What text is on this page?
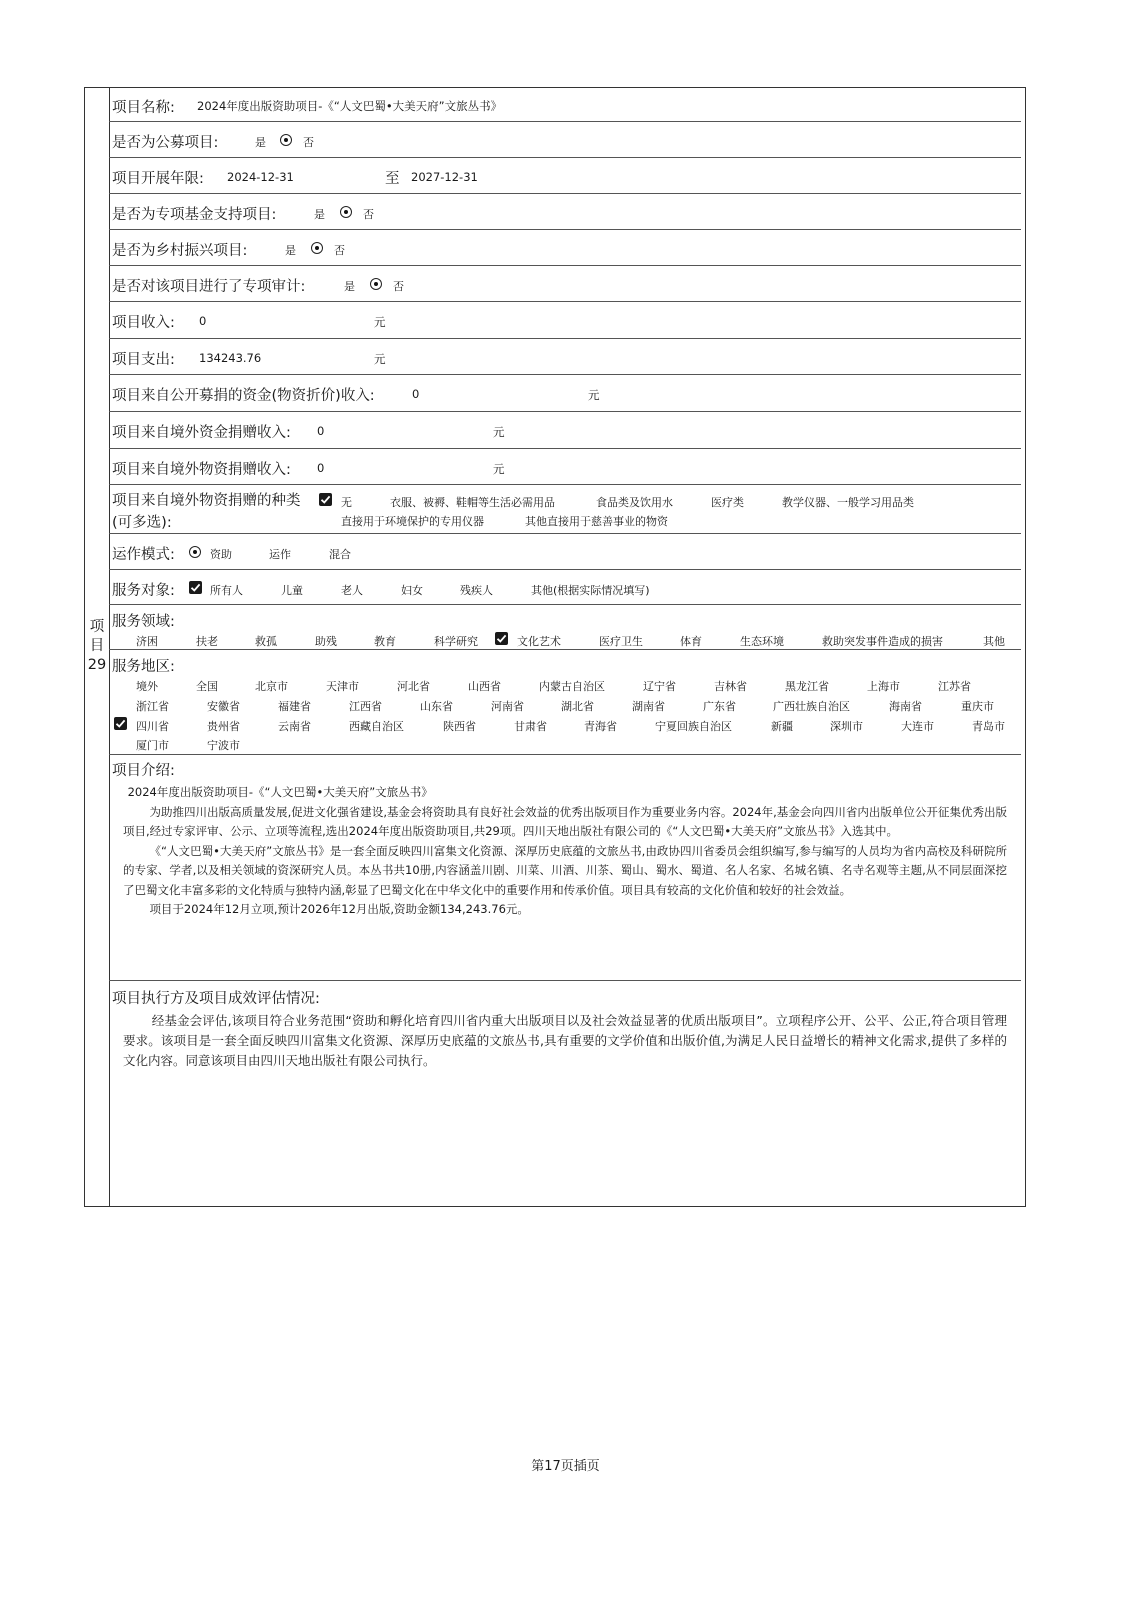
项
目
29
项目名称: 2024年度出版资助项目-《“人文巴蜀•大美天府”文旅丛书》
是否为公募项目:	是	否
项目开展年限: 2024-12-31	至 2027-12-31
是否为专项基金支持项目:	是	否
是否为乡村振兴项目:	是	否
是否对该项目进行了专项审计:	是	否
项目收入: 0	元
项目支出: 134243.76	元
项目来自公开募捐的资金(物资折价)收入:	0	元
项目来自境外资金捐赠收入: 0	元
项目来自境外物资捐赠收入: 0	元
项目来自境外物资捐赠的种类
(可多选):
无	衣服、被褥、鞋帽等生活必需用品	食品类及饮用水	医疗类	教学仪器、一般学习用品类
直接用于环境保护的专用仪器	其他直接用于慈善事业的物资
运作模式:	资助	运作	混合
服务对象:	所有人	儿童	老人	妇女	残疾人	其他(根据实际情况填写)
服务领域:
济困	扶老	救孤	助残	教育	科学研究	文化艺术	医疗卫生	体育	生态环境	救助突发事件造成的损害	其他
服务地区:
境外	全国	北京市	天津市	河北省	山西省	内蒙古自治区	辽宁省	吉林省	黑龙江省	上海市	江苏省
浙江省	安徽省	福建省	江西省	山东省	河南省	湖北省	湖南省	广东省	广西壮族自治区	海南省	重庆市
四川省	贵州省	云南省	西藏自治区	陕西省	甘肃省	青海省	宁夏回族自治区	新疆	深圳市	大连市	青岛市
厦门市	宁波市
项目介绍:

2024年度出版资助项目-《“人文巴蜀•大美天府”文旅丛书》

为助推四川出版高质量发展,促进文化强省建设,基金会将资助具有良好社会效益的优秀出版项目作为重要业务内容。2024年,基金会向四川省内出版单位公开征集优秀出版项目,经过专家评审、公示、立项等流程,选出2024年度出版资助项目,共29项。四川天地出版社有限公司的《“人文巴蜀•大美天府”文旅丛书》入选其中。

《“人文巴蜀•大美天府”文旅丛书》是一套全面反映四川富集文化资源、深厚历史底蕴的文旅丛书,由政协四川省委员会组织编写,参与编写的人员均为省内高校及科研院所的专家、学者,以及相关领域的资深研究人员。本丛书共10册,内容涵盖川剧、川菜、川酒、川茶、蜀山、蜀水、蜀道、名人名家、名城名镇、名寺名观等主题,从不同层面深挖了巴蜀文化丰富多彩的文化特质与独特内涵,彰显了巴蜀文化在中华文化中的重要作用和传承价值。项目具有较高的文化价值和较好的社会效益。

项目于2024年12月立项,预计2026年12月出版,资助金额134,243.76元。

项目执行方及项目成效评估情况:

经基金会评估,该项目符合业务范围“资助和孵化培育四川省内重大出版项目以及社会效益显著的优质出版项目”。立项程序公开、公平、公正,符合项目管理要求。该项目是一套全面反映四川富集文化资源、深厚历史底蕴的文旅丛书,具有重要的文学价值和出版价值,为满足人民日益增长的精神文化需求,提供了多样的文化内容。同意该项目由四川天地出版社有限公司执行。

第17页插页
